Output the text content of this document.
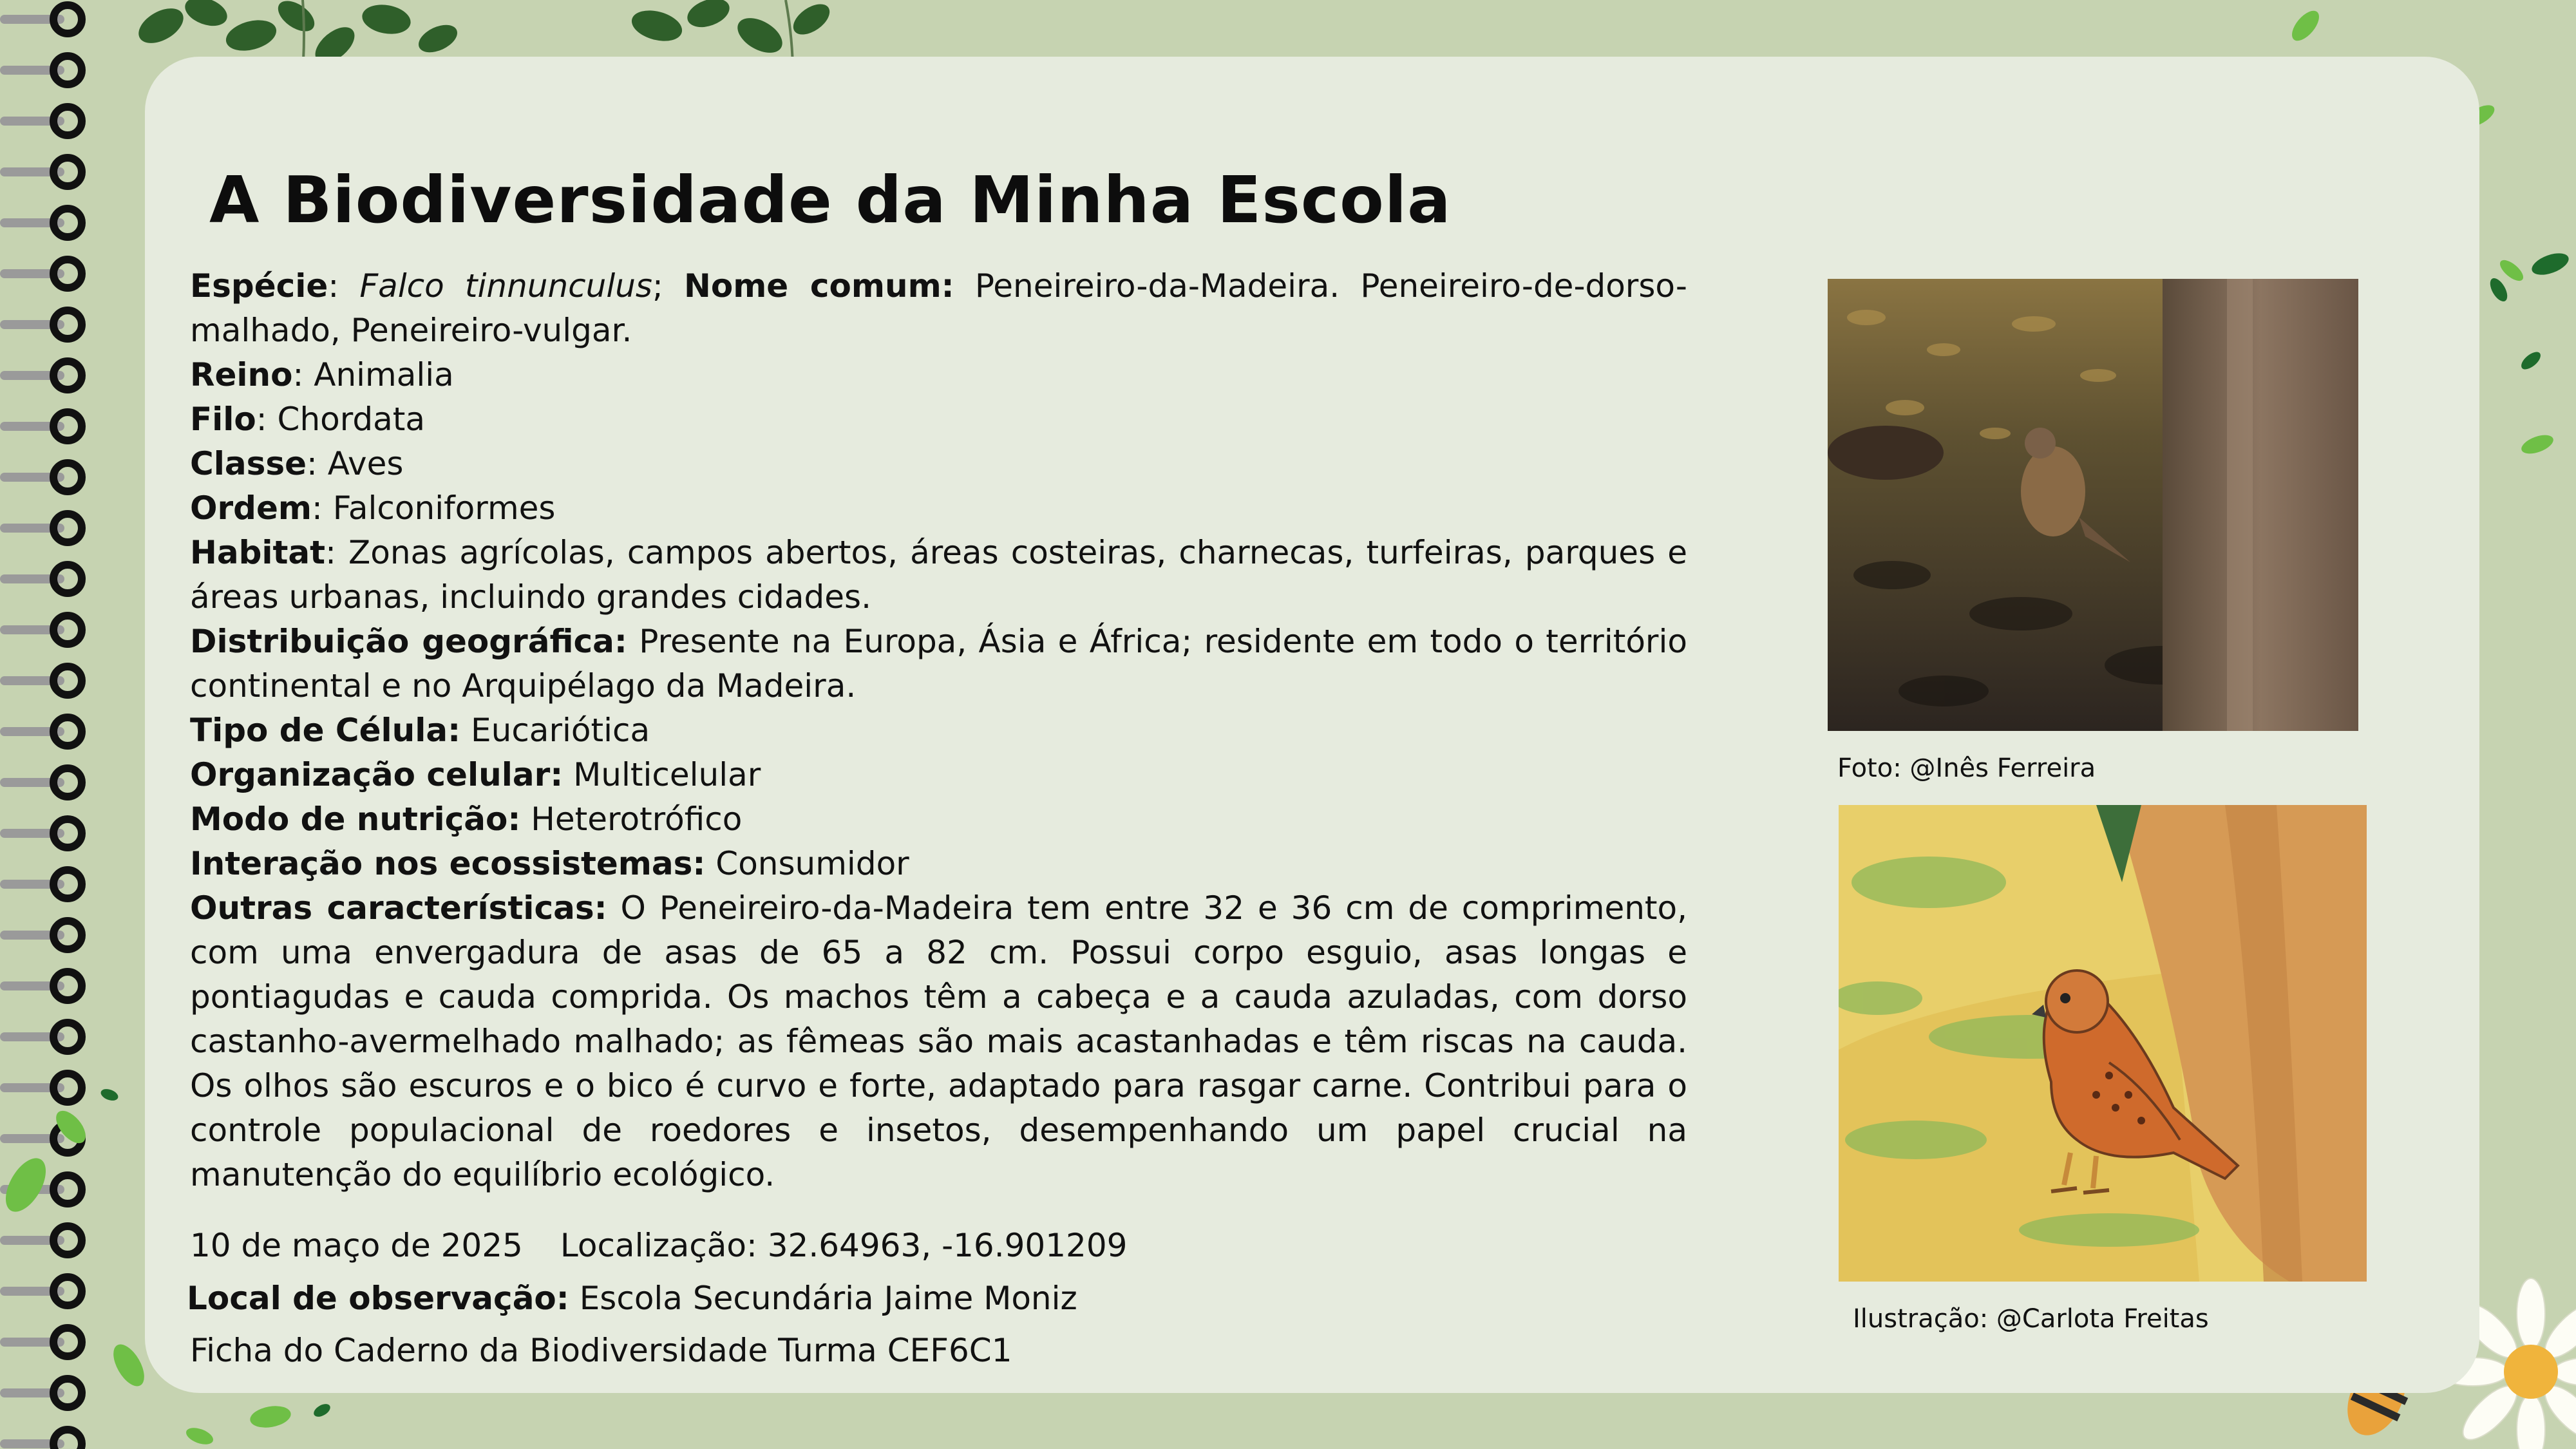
A Biodiversidade da Minha Escola

Espécie: Falco tinnunculus; Nome comum: Peneireiro-da-Madeira. Peneireiro-de-dorso-malhado, Peneireiro-vulgar.

Reino: Animalia

Filo: Chordata

Classe: Aves

Ordem: Falconiformes

Habitat: Zonas agrícolas, campos abertos, áreas costeiras, charnecas, turfeiras, parques e áreas urbanas, incluindo grandes cidades.

Distribuição geográfica: Presente na Europa, Ásia e África; residente em todo o território continental e no Arquipélago da Madeira.

Tipo de Célula: Eucariótica

Organização celular: Multicelular

Modo de nutrição: Heterotrófico

Interação nos ecossistemas: Consumidor

Outras características: O Peneireiro-da-Madeira tem entre 32 e 36 cm de comprimento, com uma envergadura de asas de 65 a 82 cm. Possui corpo esguio, asas longas e pontiagudas e cauda comprida. Os machos têm a cabeça e a cauda azuladas, com dorso castanho-avermelhado malhado; as fêmeas são mais acastanhadas e têm riscas na cauda. Os olhos são escuros e o bico é curvo e forte, adaptado para rasgar carne. Contribui para o controle populacional de roedores e insetos, desempenhando um papel crucial na manutenção do equilíbrio ecológico.

10 de maço de 2025 Localização: 32.64963, -16.901209
Local de observação: Escola Secundária Jaime Moniz
Ficha do Caderno da Biodiversidade Turma CEF6C1
Foto: @Inês Ferreira
Ilustração: @Carlota Freitas
